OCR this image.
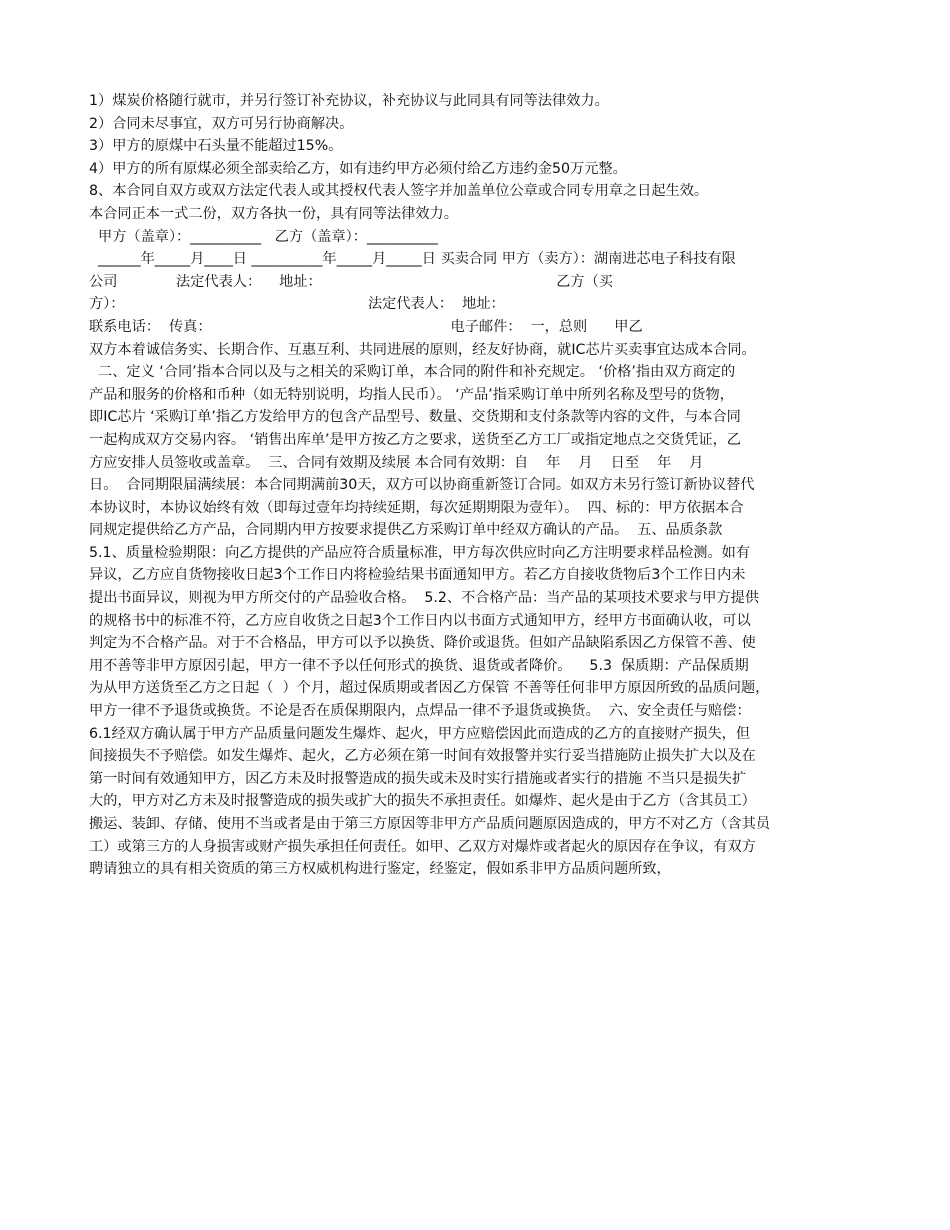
1）煤炭价格随行就市，并另行签订补充协议，补充协议与此同具有同等法律效力。
2）合同未尽事宜，双方可另行协商解决。
3）甲方的原煤中石头量不能超过15%。
4）甲方的所有原煤必须全部卖给乙方，如有违约甲方必须付给乙方违约金50万元整。
8、本合同自双方或双方法定代表人或其授权代表人签字并加盖单位公章或合同专用章之日起生效。
本合同正本一式二份，双方各执一份，具有同等法律效力。
甲方（盖章）：__________   乙方（盖章）：__________
______年_____月____日 __________年_____月_____日 买卖合同 甲方（卖方）：湖南进芯电子科技有限
公司             法定代表人：    地址：                                                    乙方（买
方）：                                                      法定代表人：  地址：
联系电话：  传真：                                                     电子邮件：  一，总则      甲乙
双方本着诚信务实、长期合作、互惠互利、共同进展的原则，经友好协商，就IC芯片买卖事宜达成本合同。
二、定义 ‘合同’指本合同以及与之相关的采购订单，本合同的附件和补充规定。 ‘价格’指由双方商定的
产品和服务的价格和币种（如无特别说明，均指人民币）。 ‘产品’指采购订单中所列名称及型号的货物，
即IC芯片 ‘采购订单’指乙方发给甲方的包含产品型号、数量、交货期和支付条款等内容的文件，与本合同
一起构成双方交易内容。 ‘销售出库单’是甲方按乙方之要求，送货至乙方工厂或指定地点之交货凭证，乙
方应安排人员签收或盖章。  三、合同有效期及续展 本合同有效期：自    年    月    日至    年    月
日。  合同期限届满续展：本合同期满前30天，双方可以协商重新签订合同。如双方未另行签订新协议替代
本协议时，本协议始终有效（即每过壹年均持续延期，每次延期期限为壹年）。  四、标的：甲方依据本合
同规定提供给乙方产品，合同期内甲方按要求提供乙方采购订单中经双方确认的产品。  五、品质条款
5.1、质量检验期限：向乙方提供的产品应符合质量标准，甲方每次供应时向乙方注明要求样品检测。如有
异议，乙方应自货物接收日起3个工作日内将检验结果书面通知甲方。若乙方自接收货物后3个工作日内未
提出书面异议，则视为甲方所交付的产品验收合格。  5.2、不合格产品：当产品的某项技术要求与甲方提供
的规格书中的标准不符，乙方应自收货之日起3个工作日内以书面方式通知甲方，经甲方书面确认收，可以
判定为不合格产品。对于不合格品，甲方可以予以换货、降价或退货。但如产品缺陷系因乙方保管不善、使
用不善等非甲方原因引起，甲方一律不予以任何形式的换货、退货或者降价。    5.3  保质期：产品保质期
为从甲方送货至乙方之日起（  ）个月，超过保质期或者因乙方保管 不善等任何非甲方原因所致的品质问题，
甲方一律不予退货或换货。不论是否在质保期限内，点焊品一律不予退货或换货。  六、安全责任与赔偿：
6.1经双方确认属于甲方产品质量问题发生爆炸、起火，甲方应赔偿因此而造成的乙方的直接财产损失，但
间接损失不予赔偿。如发生爆炸、起火，乙方必须在第一时间有效报警并实行妥当措施防止损失扩大以及在
第一时间有效通知甲方，因乙方未及时报警造成的损失或未及时实行措施或者实行的措施 不当只是损失扩
大的，甲方对乙方未及时报警造成的损失或扩大的损失不承担责任。如爆炸、起火是由于乙方（含其员工）
搬运、装卸、存储、使用不当或者是由于第三方原因等非甲方产品质问题原因造成的，甲方不对乙方（含其员
工）或第三方的人身损害或财产损失承担任何责任。如甲、乙双方对爆炸或者起火的原因存在争议，有双方
聘请独立的具有相关资质的第三方权威机构进行鉴定，经鉴定，假如系非甲方品质问题所致，
